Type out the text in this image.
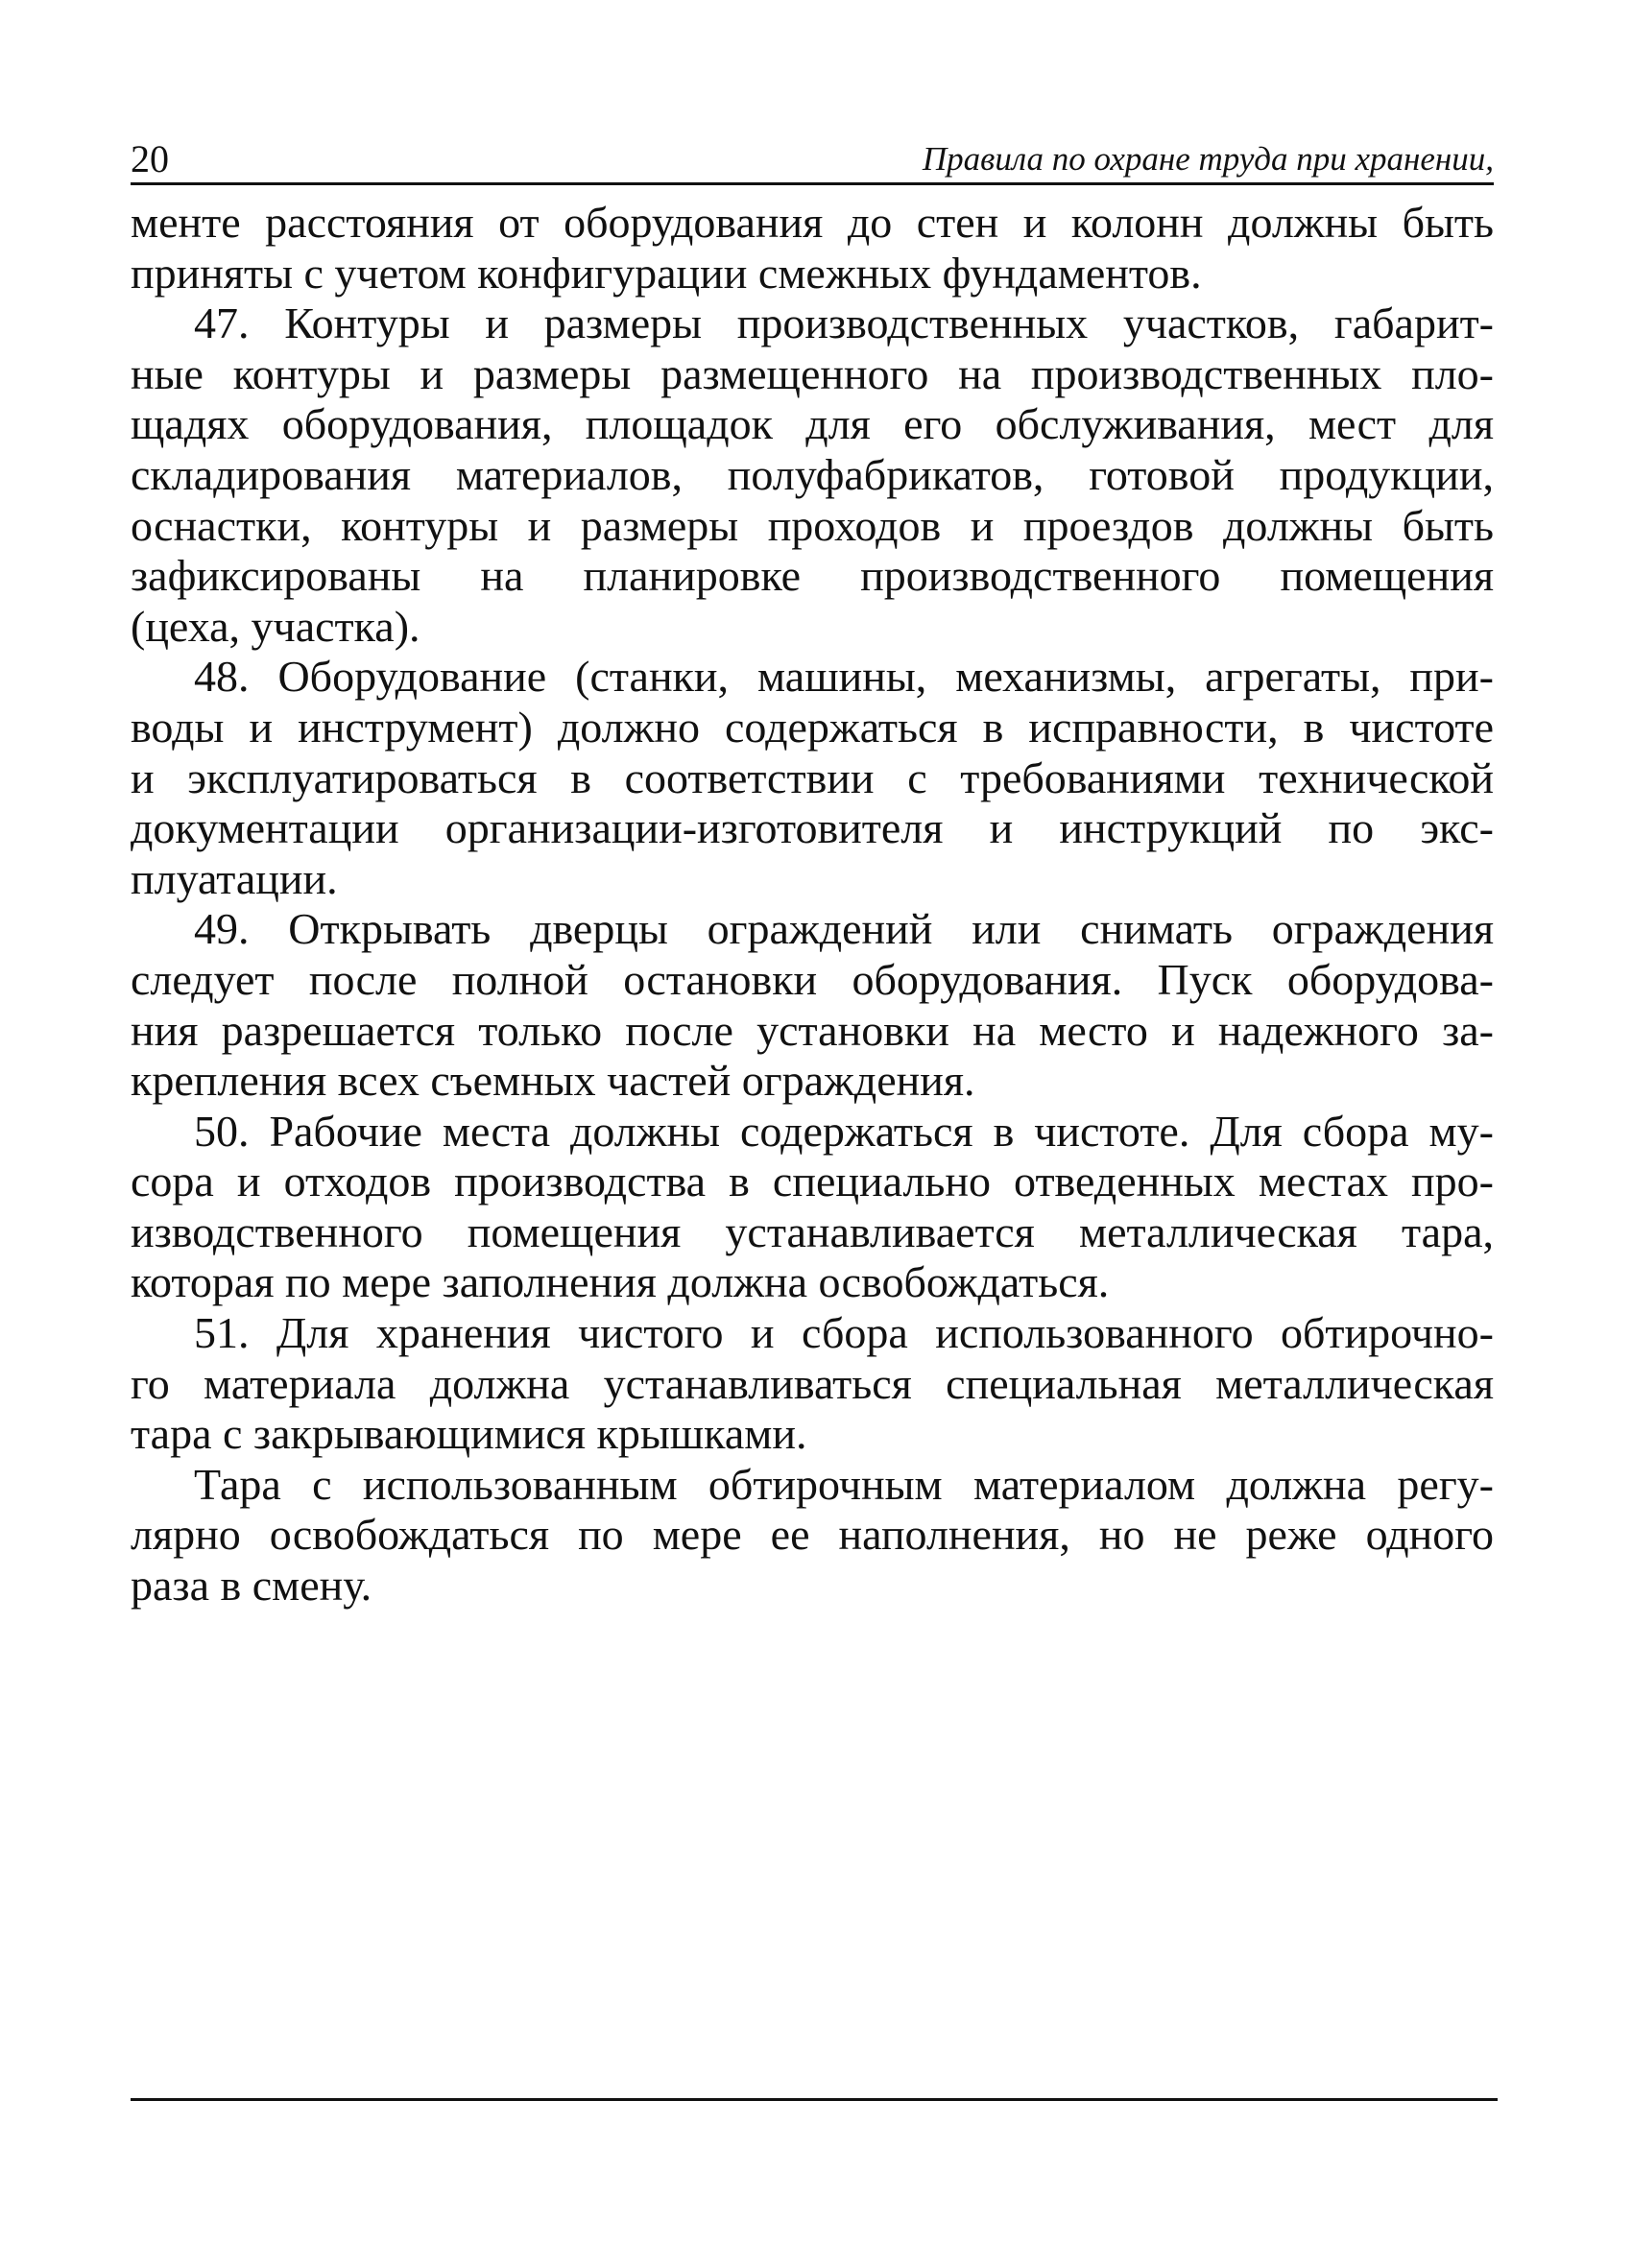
20	Правила по охране труда при хранении,

менте расстояния от оборудования до стен и колонн должны быть
приняты с учетом конфигурации смежных фундаментов.

47. Контуры и размеры производственных участков, габарит-
ные контуры и размеры размещенного на производственных пло-
щадях оборудования, площадок для его обслуживания, мест для
складирования материалов, полуфабрикатов, готовой продукции,
оснастки, контуры и размеры проходов и проездов должны быть
зафиксированы на планировке производственного помещения
(цеха, участка).

48. Оборудование (станки, машины, механизмы, агрегаты, при-
воды и инструмент) должно содержаться в исправности, в чистоте
и эксплуатироваться в соответствии с требованиями технической
документации организации-изготовителя и инструкций по экс-
плуатации.

49. Открывать дверцы ограждений или снимать ограждения
следует после полной остановки оборудования. Пуск оборудова-
ния разрешается только после установки на место и надежного за-
крепления всех съемных частей ограждения.

50. Рабочие места должны содержаться в чистоте. Для сбора му-
сора и отходов производства в специально отведенных местах про-
изводственного помещения устанавливается металлическая тара,
которая по мере заполнения должна освобождаться.

51. Для хранения чистого и сбора использованного обтирочно-
го материала должна устанавливаться специальная металлическая
тара с закрывающимися крышками.

Тара с использованным обтирочным материалом должна регу-
лярно освобождаться по мере ее наполнения, но не реже одного
раза в смену.
